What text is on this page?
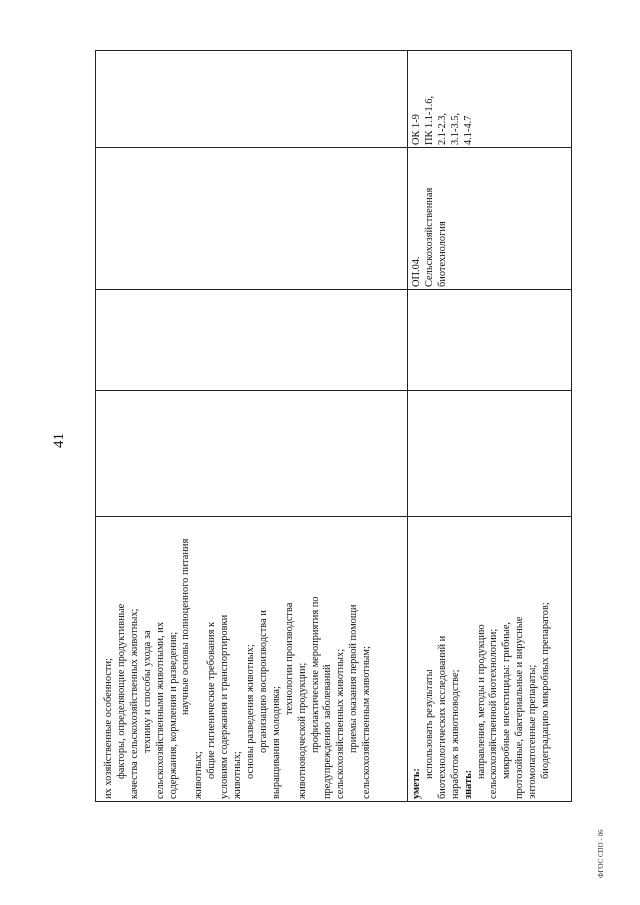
41
их хозяйственные особенности; факторы, определяющие продуктивные качества сельскохозяйственных животных; технику и способы ухода за сельскохозяйственными животными, их содержания, кормления и разведения;
научные основы полноценного питания
животных; общие гигиенические требования к условиям содержания и транспортировки животных; основы разведения животных; организацию воспроизводства и выращивания молодняка;
технологии производства
животноводческой продукции; профилактические мероприятия по предупреждению заболеваний сельскохозяйственных животных; приемы оказания первой помощи сельскохозяйственным животным;	уметь:
использовать результаты биотехнологических исследований и наработок в животноводстве; знать:
направления, методы и продукцию сельскохозяйственной биотехнологии; микробные инсектициды: грибные, протозойные, бактериальные и вирусные энтомопатогенные препараты; биодеградацию микробных препаратов;
ОП.04. Сельскохозяйственная биотехнология
ОК 1-9 ПК 1.1-1.6, 2.1-2.3, 3.1-3.5, 4.1-4.7
ФГОС СПО - 06
